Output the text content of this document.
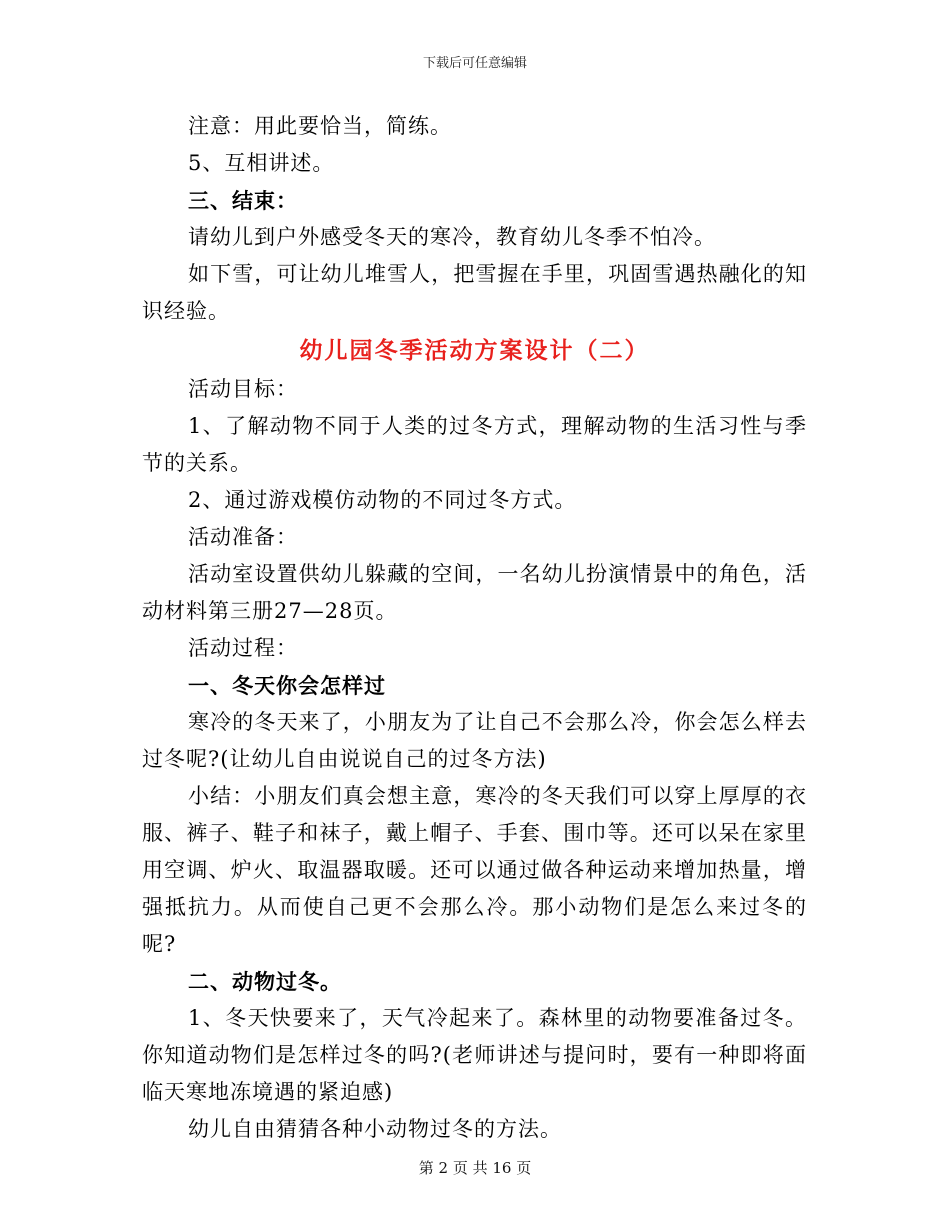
下载后可任意编辑

注意：用此要恰当，简练。

5、互相讲述。

三、结束：

请幼儿到户外感受冬天的寒冷，教育幼儿冬季不怕冷。

如下雪，可让幼儿堆雪人，把雪握在手里，巩固雪遇热融化的知识经验。

幼儿园冬季活动方案设计（二）

活动目标：

1、了解动物不同于人类的过冬方式，理解动物的生活习性与季节的关系。

2、通过游戏模仿动物的不同过冬方式。

活动准备：

活动室设置供幼儿躲藏的空间，一名幼儿扮演情景中的角色，活动材料第三册27—28页。

活动过程：

一、冬天你会怎样过

寒冷的冬天来了，小朋友为了让自己不会那么冷，你会怎么样去过冬呢?(让幼儿自由说说自己的过冬方法)

小结：小朋友们真会想主意，寒冷的冬天我们可以穿上厚厚的衣服、裤子、鞋子和袜子，戴上帽子、手套、围巾等。还可以呆在家里用空调、炉火、取温器取暖。还可以通过做各种运动来增加热量，增强抵抗力。从而使自己更不会那么冷。那小动物们是怎么来过冬的呢?

二、动物过冬。

1、冬天快要来了，天气冷起来了。森林里的动物要准备过冬。你知道动物们是怎样过冬的吗?(老师讲述与提问时，要有一种即将面临天寒地冻境遇的紧迫感)

幼儿自由猜猜各种小动物过冬的方法。

第 2 页 共 16 页
